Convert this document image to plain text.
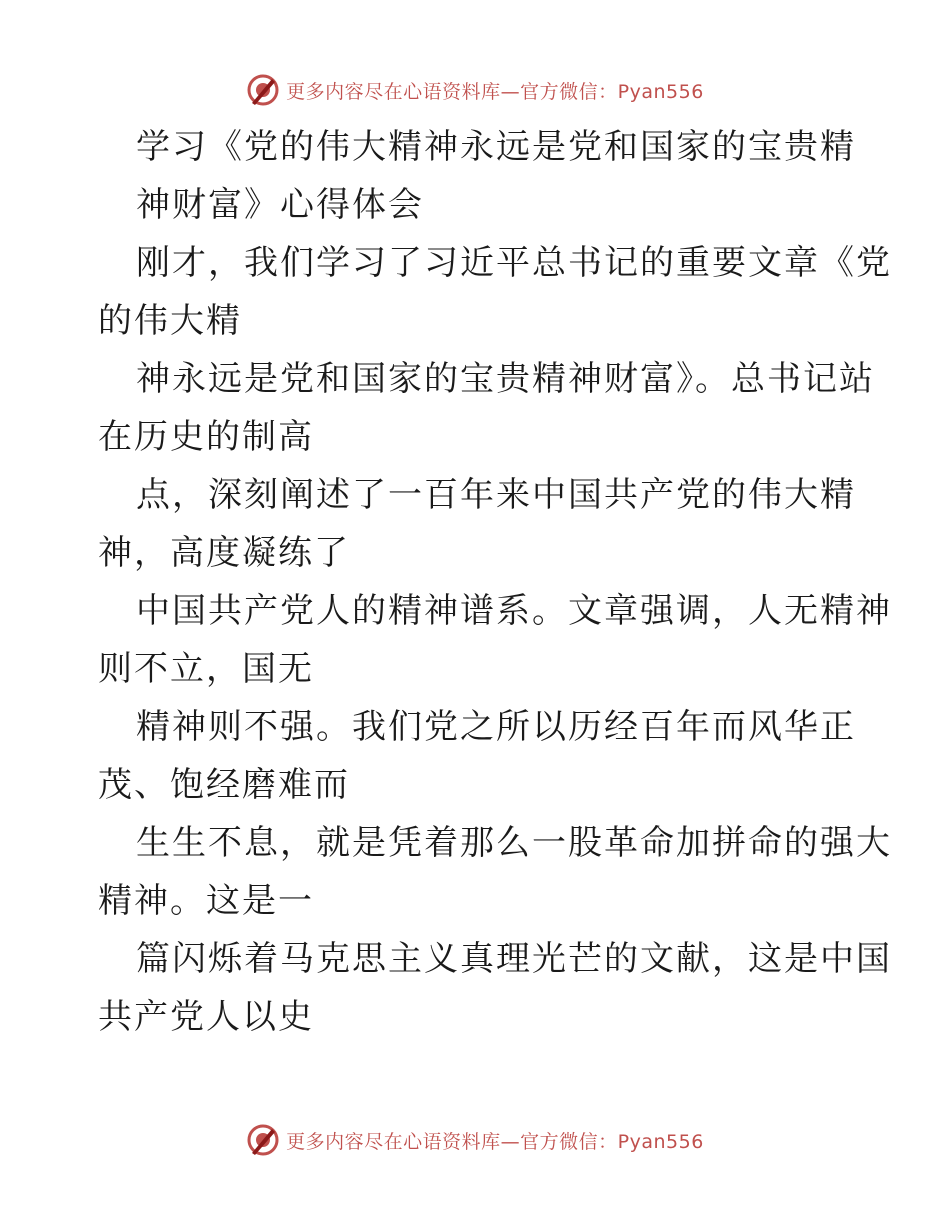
更多内容尽在心语资料库—官方微信：Pyan556
学习《党的伟大精神永远是党和国家的宝贵精
神财富》心得体会
刚才，我们学习了习近平总书记的重要文章《党
的伟大精
神永远是党和国家的宝贵精神财富》。总书记站
在历史的制高
点，深刻阐述了一百年来中国共产党的伟大精
神，高度凝练了
中国共产党人的精神谱系。文章强调，人无精神
则不立，国无
精神则不强。我们党之所以历经百年而风华正
茂、饱经磨难而
生生不息，就是凭着那么一股革命加拼命的强大
精神。这是一
篇闪烁着马克思主义真理光芒的文献，这是中国
共产党人以史
更多内容尽在心语资料库—官方微信：Pyan556
